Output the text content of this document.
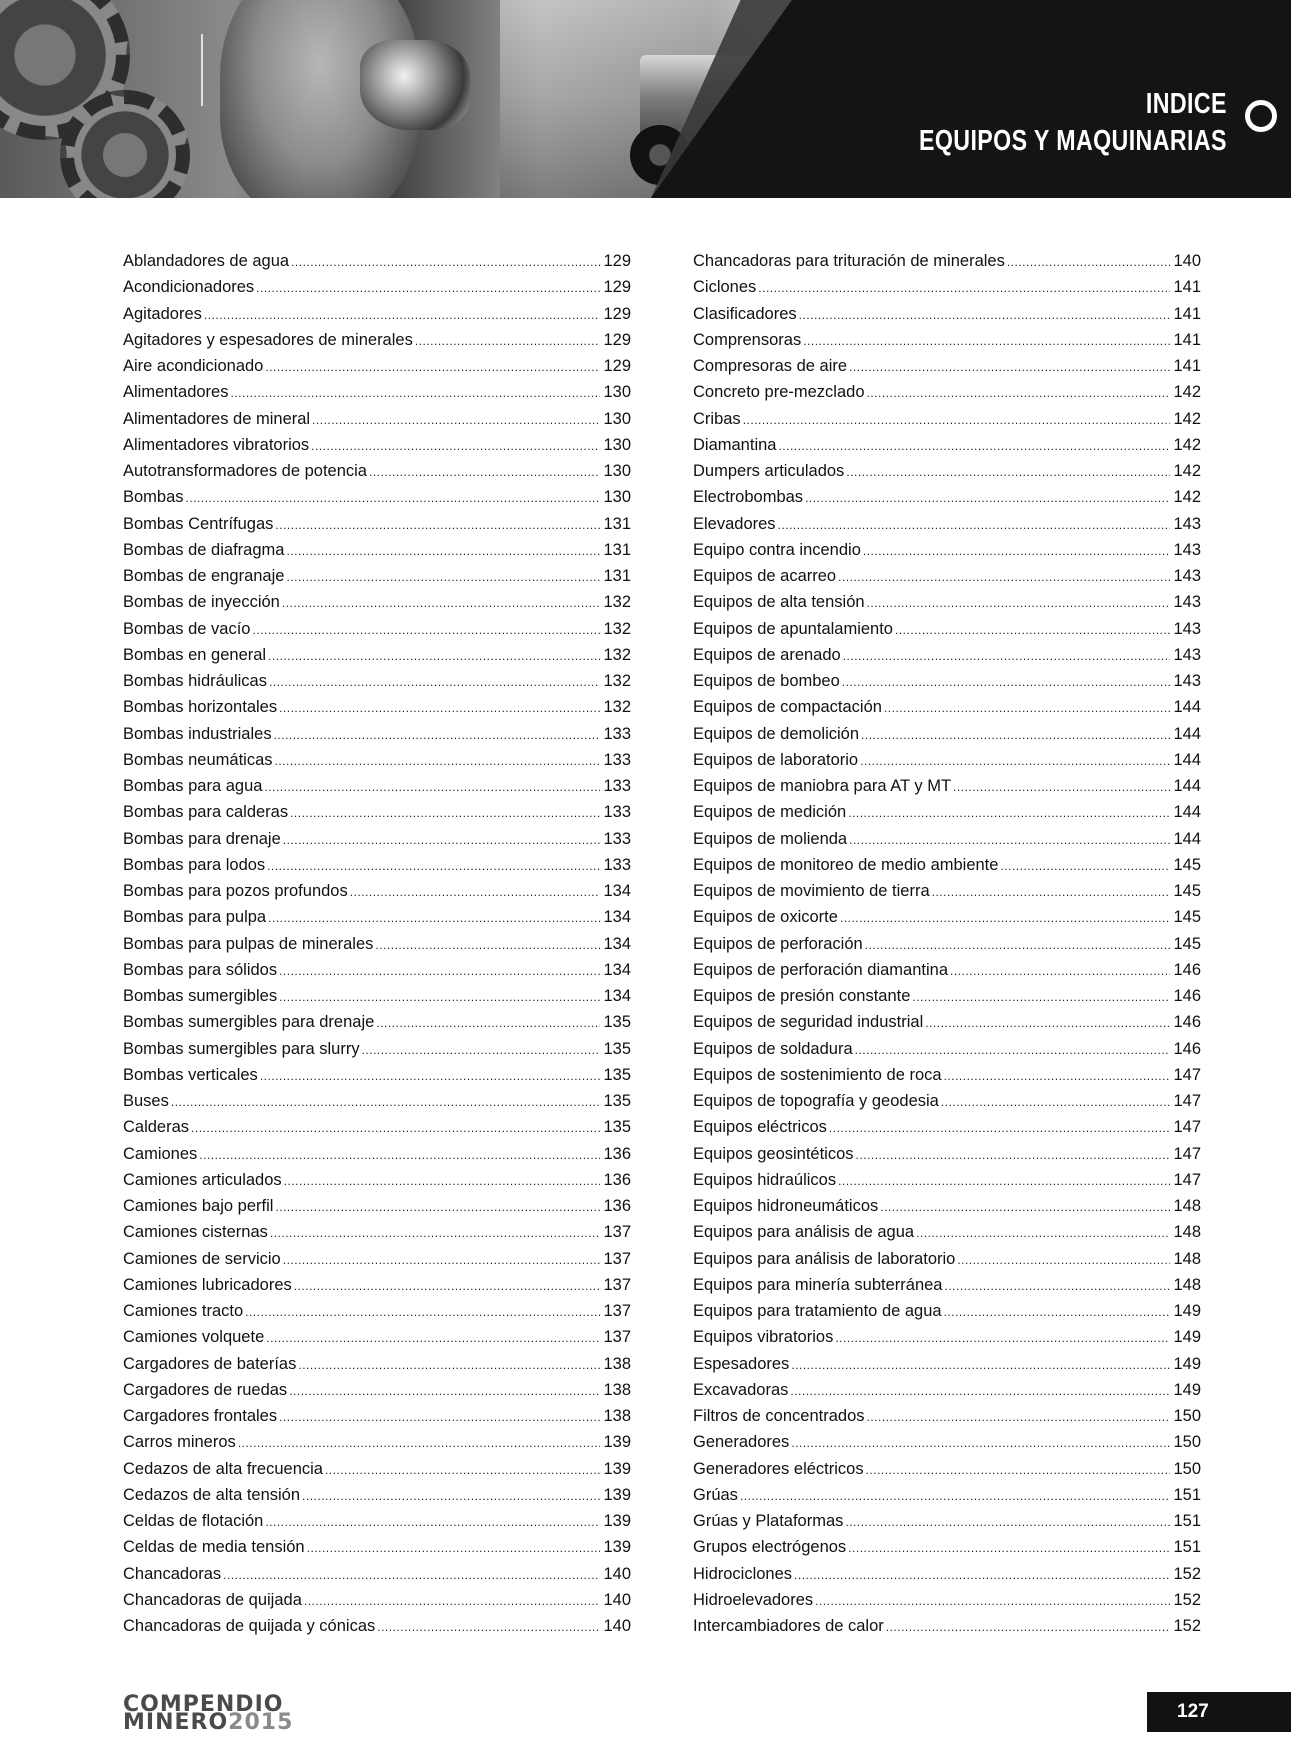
INDICE
EQUIPOS Y MAQUINARIAS
Ablandadores de agua .....	129
Acondicionadores .....	129
Agitadores .....	129
Agitadores y espesadores de minerales .....	129
Aire acondicionado .....	129
Alimentadores .....	130
Alimentadores de mineral .....	130
Alimentadores vibratorios .....	130
Autotransformadores de potencia .....	130
Bombas .....	130
Bombas Centrífugas .....	131
Bombas de diafragma .....	131
Bombas de engranaje .....	131
Bombas de inyección .....	132
Bombas de vacío .....	132
Bombas en general .....	132
Bombas hidráulicas .....	132
Bombas horizontales .....	132
Bombas industriales .....	133
Bombas neumáticas .....	133
Bombas para agua .....	133
Bombas para calderas .....	133
Bombas para drenaje .....	133
Bombas para lodos .....	133
Bombas para pozos profundos .....	134
Bombas para pulpa .....	134
Bombas para pulpas de minerales .....	134
Bombas para sólidos .....	134
Bombas sumergibles .....	134
Bombas sumergibles para drenaje .....	135
Bombas sumergibles para slurry .....	135
Bombas verticales .....	135
Buses .....	135
Calderas .....	135
Camiones .....	136
Camiones articulados .....	136
Camiones bajo perfil .....	136
Camiones cisternas .....	137
Camiones de servicio .....	137
Camiones lubricadores .....	137
Camiones tracto .....	137
Camiones volquete .....	137
Cargadores de baterías .....	138
Cargadores de ruedas .....	138
Cargadores frontales .....	138
Carros mineros .....	139
Cedazos de alta frecuencia .....	139
Cedazos de alta tensión .....	139
Celdas de flotación .....	139
Celdas de media tensión .....	139
Chancadoras .....	140
Chancadoras de quijada .....	140
Chancadoras de quijada y cónicas .....	140
Chancadoras para trituración de minerales .....	140
Ciclones .....	141
Clasificadores .....	141
Comprensoras .....	141
Compresoras de aire .....	141
Concreto pre-mezclado .....	142
Cribas .....	142
Diamantina .....	142
Dumpers articulados .....	142
Electrobombas .....	142
Elevadores .....	143
Equipo contra incendio .....	143
Equipos de acarreo .....	143
Equipos de alta tensión .....	143
Equipos de apuntalamiento .....	143
Equipos de arenado .....	143
Equipos de bombeo .....	143
Equipos de compactación .....	144
Equipos de demolición .....	144
Equipos de laboratorio .....	144
Equipos de maniobra para AT y MT .....	144
Equipos de medición .....	144
Equipos de molienda .....	144
Equipos de monitoreo de medio ambiente .....	145
Equipos de movimiento de tierra .....	145
Equipos de oxicorte .....	145
Equipos de perforación .....	145
Equipos de perforación diamantina .....	146
Equipos de presión constante .....	146
Equipos de seguridad industrial .....	146
Equipos de soldadura .....	146
Equipos de sostenimiento de roca .....	147
Equipos de topografía y geodesia .....	147
Equipos eléctricos .....	147
Equipos geosintéticos .....	147
Equipos hidraúlicos .....	147
Equipos hidroneumáticos .....	148
Equipos para análisis de agua .....	148
Equipos para análisis de laboratorio .....	148
Equipos para minería subterránea .....	148
Equipos para tratamiento de agua .....	149
Equipos vibratorios .....	149
Espesadores .....	149
Excavadoras .....	149
Filtros de concentrados .....	150
Generadores .....	150
Generadores eléctricos .....	150
Grúas .....	151
Grúas y Plataformas .....	151
Grupos electrógenos .....	151
Hidrociclones .....	152
Hidroelevadores .....	152
Intercambiadores de calor .....	152
COMPENDIO
MINERO2015	127
